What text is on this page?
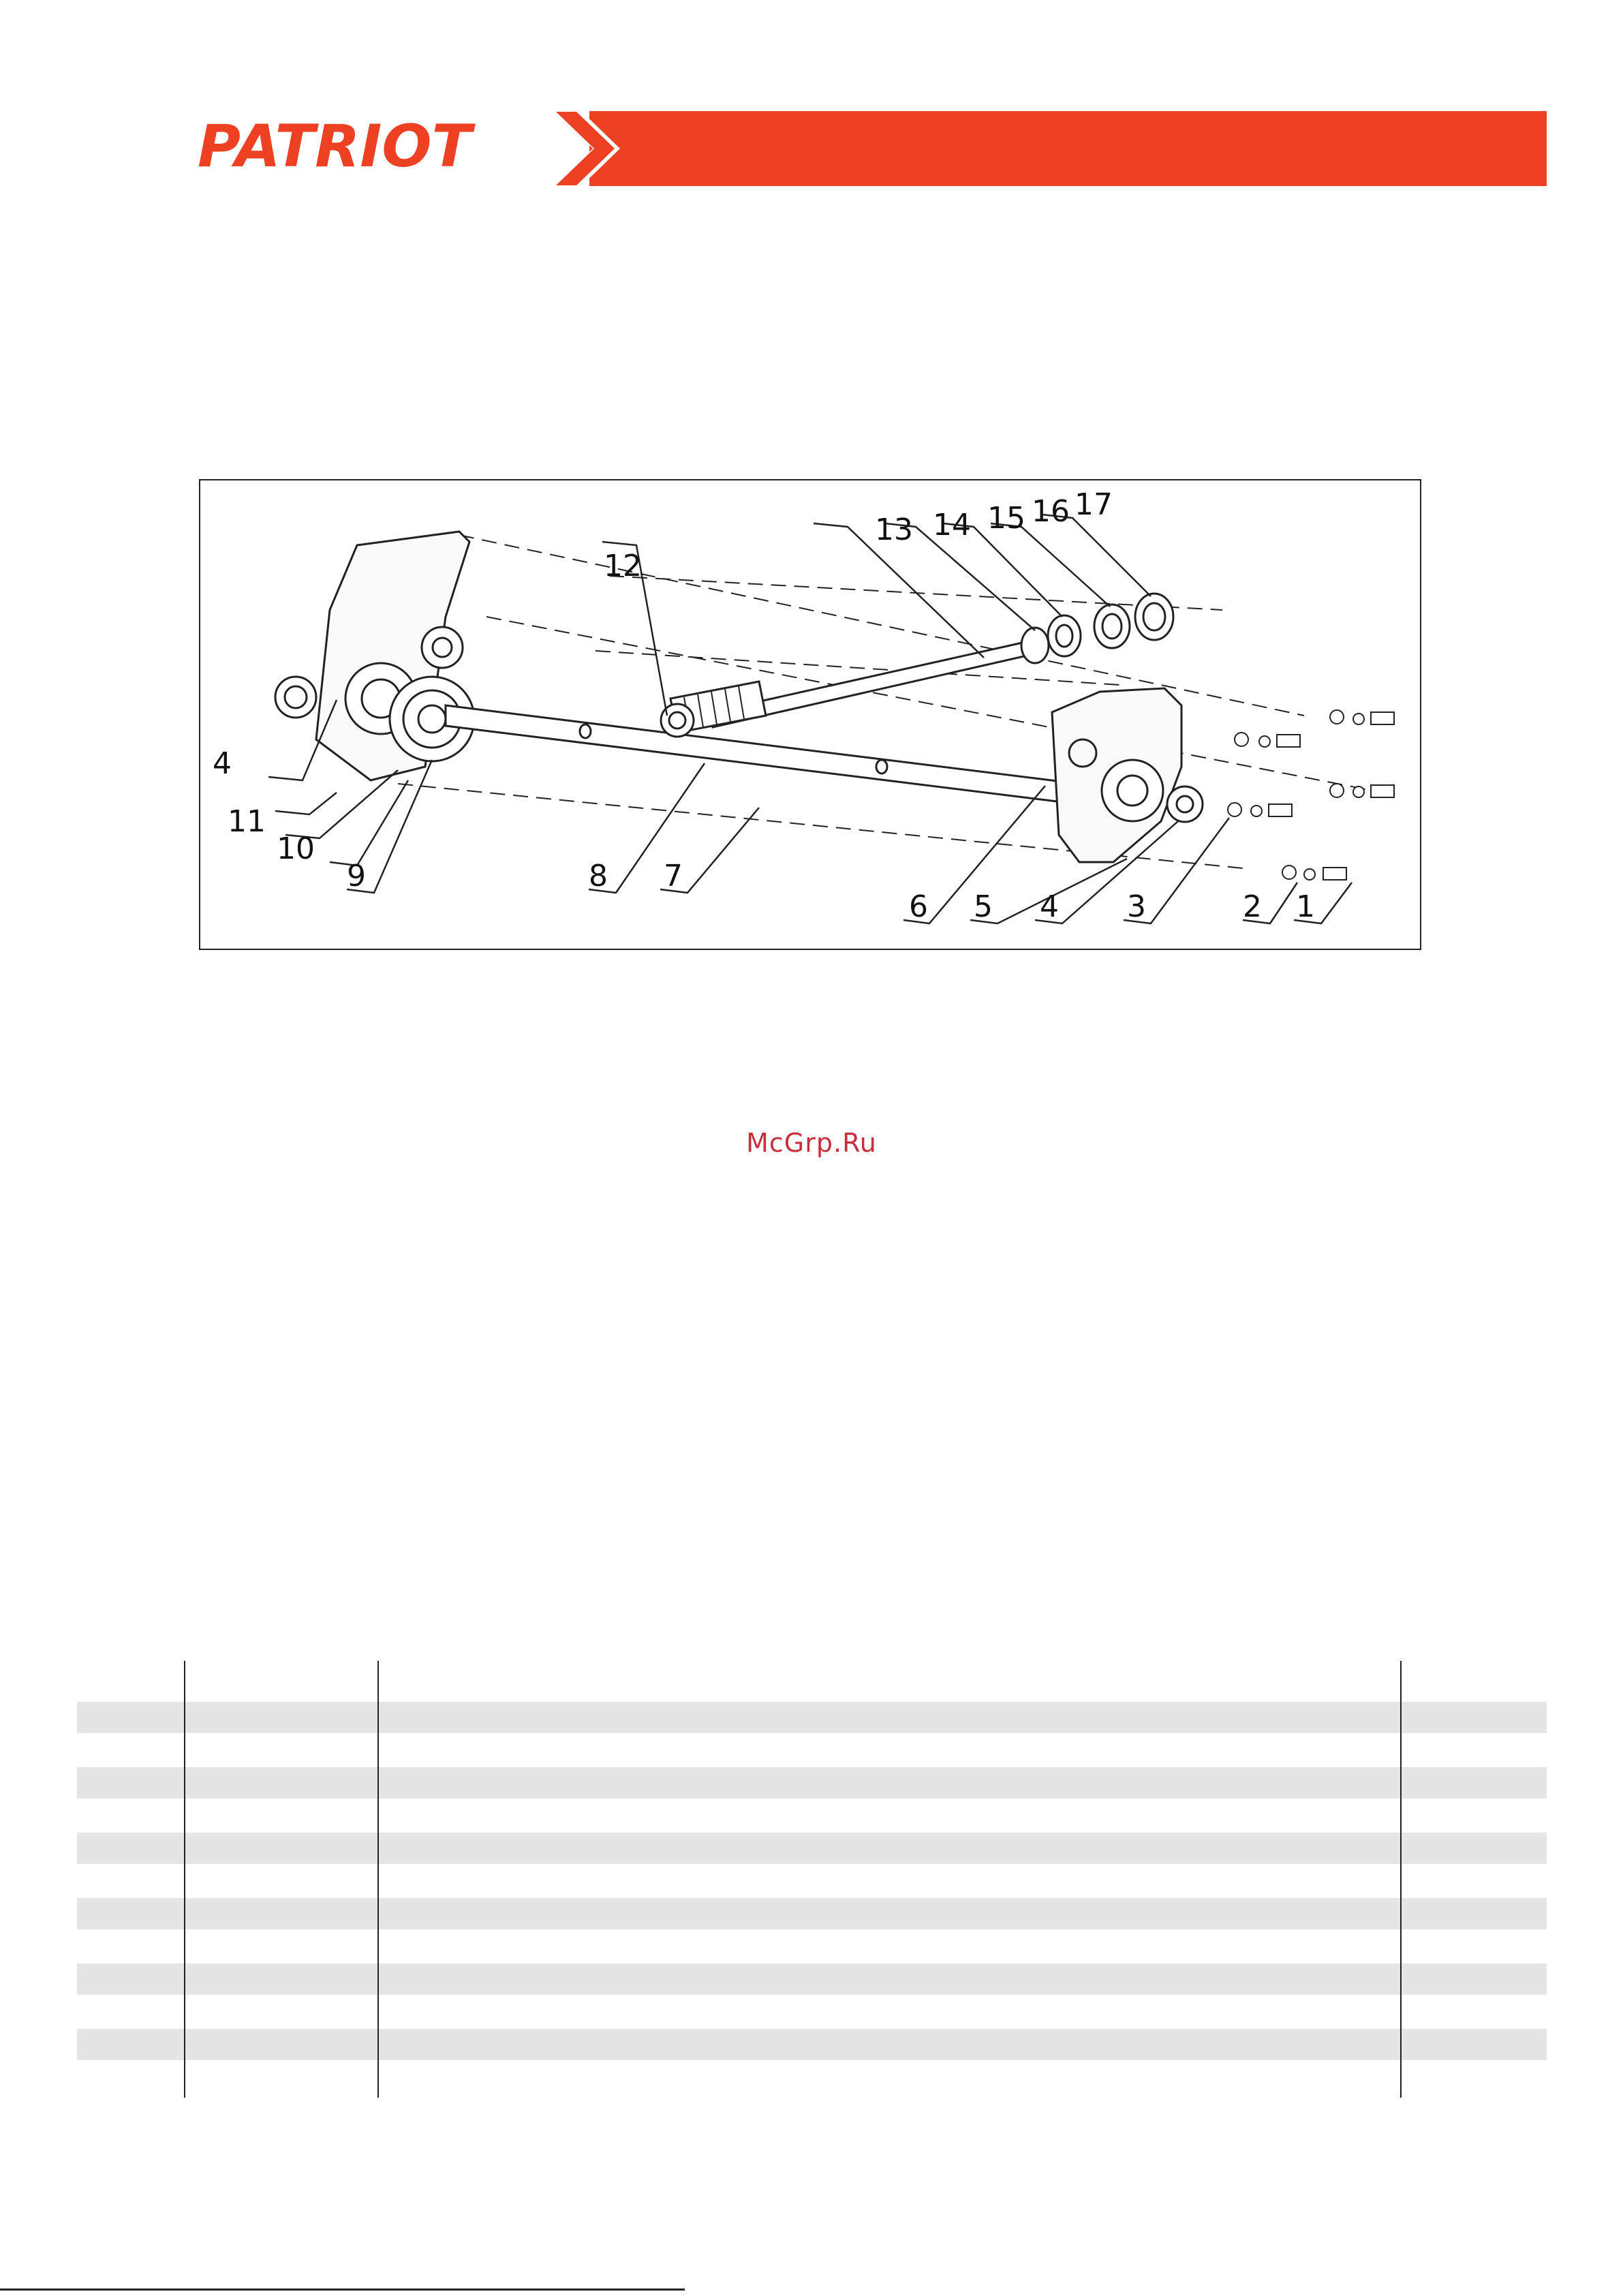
PATRIOT
4
11
10
9	8 7
6 5 4 3	2 1
12
13 14 15 16 17
McGrp.Ru
